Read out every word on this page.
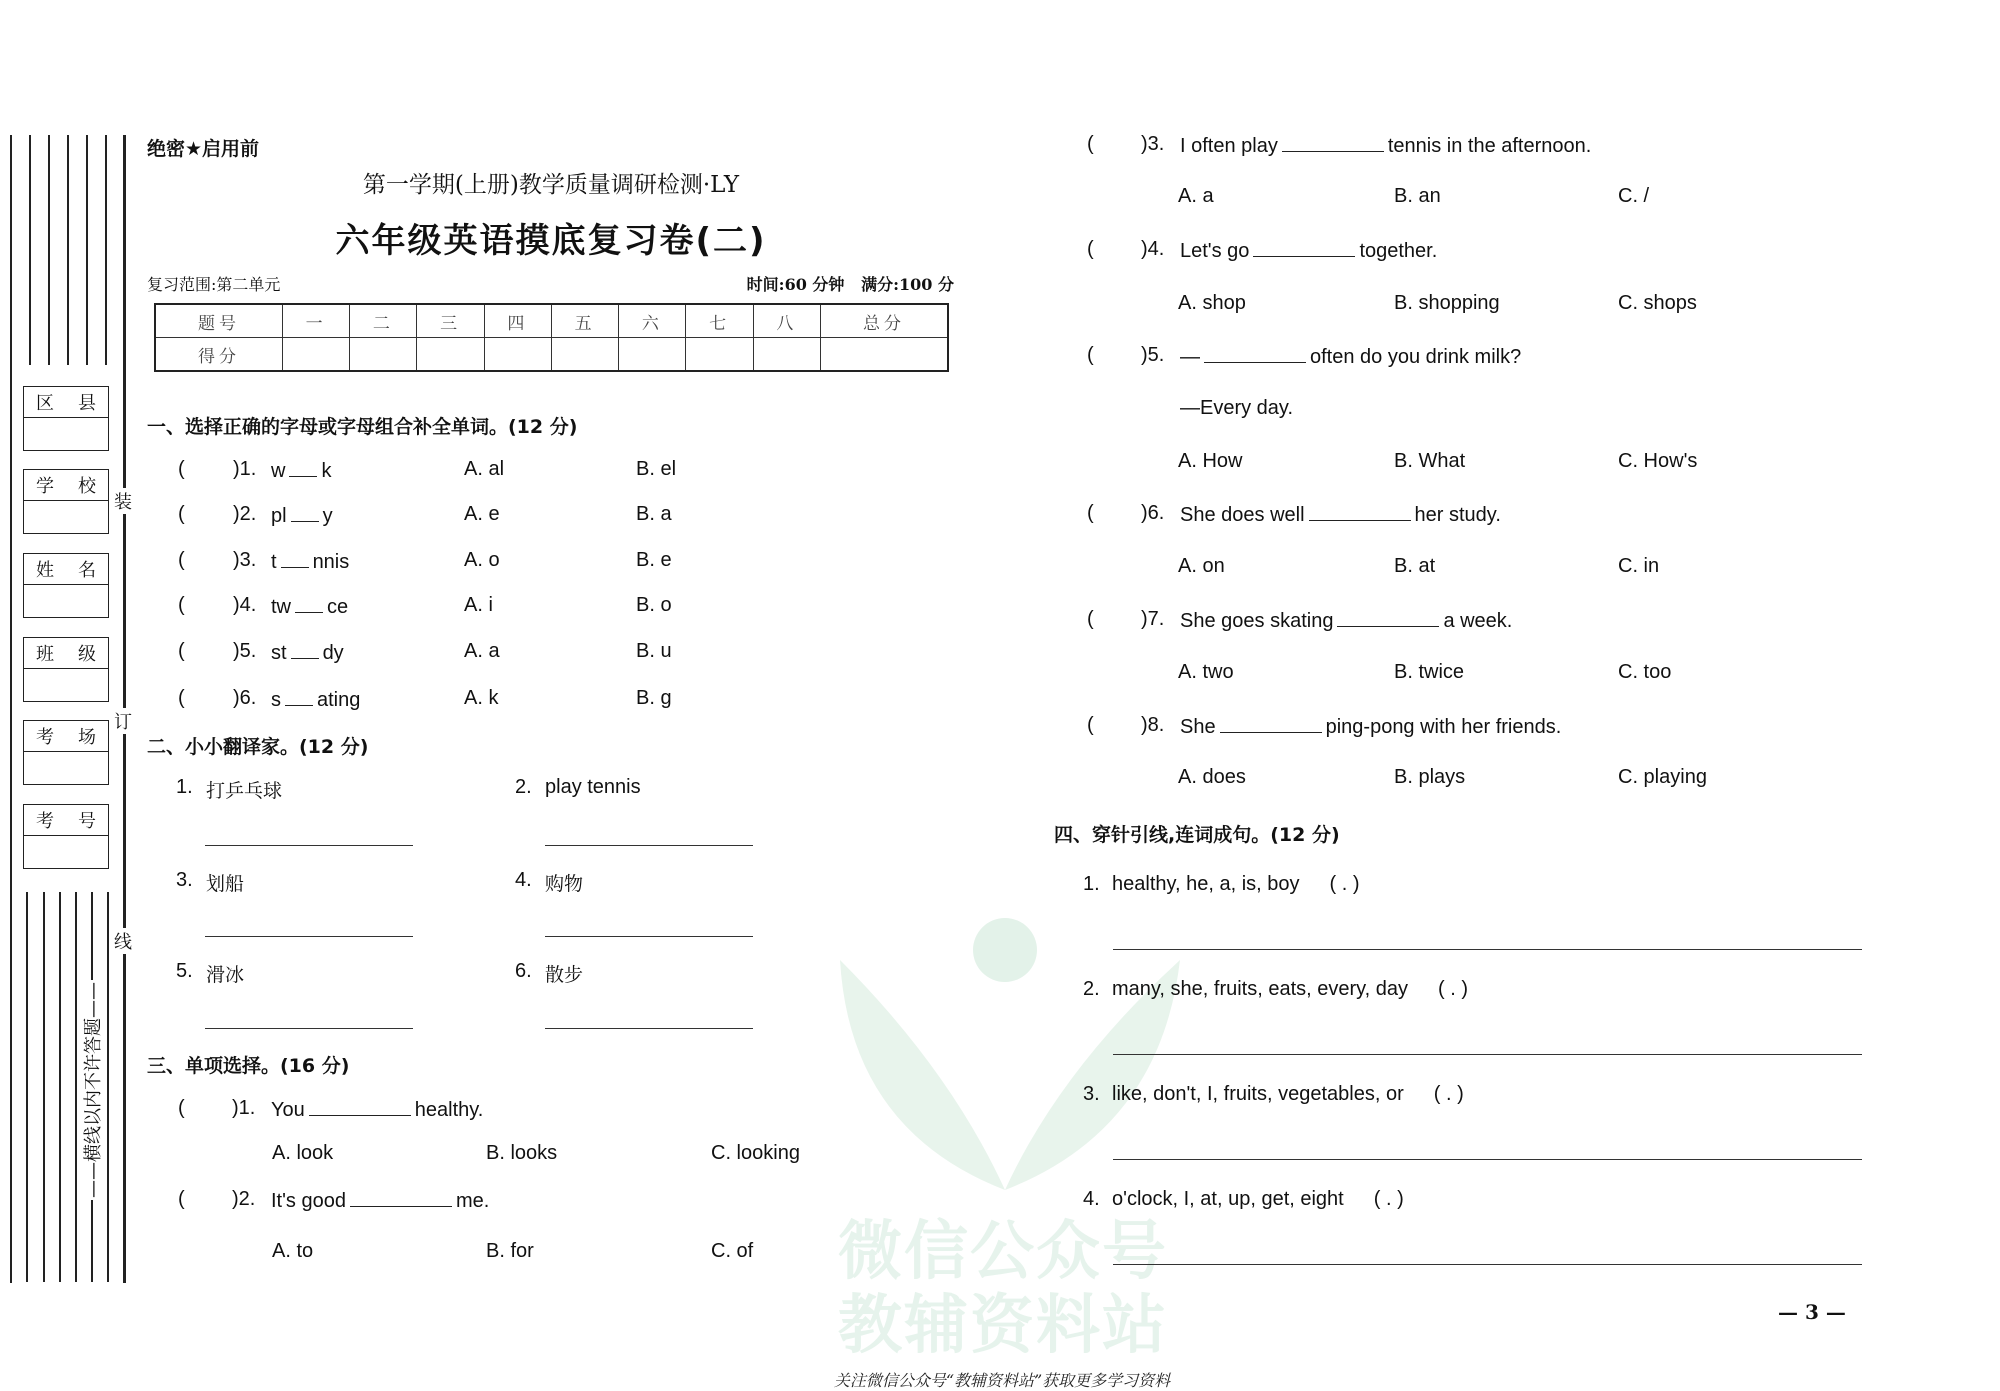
微信公众号
教辅资料站
——横线以内不许答题——
区 县
学 校
姓 名
班 级
考 场
考 号
装
订
线
绝密★启用前
第一学期(上册)教学质量调研检测·LY
六年级英语摸底复习卷(二)
复习范围:第二单元	时间:60 分钟   满分:100 分
题号	一	二	三	四	五	六	七	八	总分
得分									
一、选择正确的字母或字母组合补全单词。(12 分)
( )1. w k	A. al	B. el
( )2. pl y	A. e	B. a
( )3. t nnis	A. o	B. e
( )4. tw ce	A. i	B. o
( )5. st dy	A. a	B. u
( )6. s ating	A. k	B. g
二、小小翻译家。(12 分)
1. 打乒乓球	2. play tennis
3. 划船	4. 购物
5. 滑冰	6. 散步
三、单项选择。(16 分)
( )1. You	healthy.
A. look	B. looks	C. looking
( )2. It's good	me.
A. to	B. for	C. of
( )3. I often play	tennis in the afternoon.
A. a	B. an	C. /
( )4. Let's go	together.
A. shop	B. shopping	C. shops
( )5. —	often do you drink milk?
—Every day.
A. How	B. What	C. How's
( )6. She does well	her study.
A. on	B. at	C. in
( )7. She goes skating	a week.
A. two	B. twice	C. too
( )8. She	ping-pong with her friends.
A. does	B. plays	C. playing
四、穿针引线,连词成句。(12 分)
1. healthy, he, a, is, boy ( . )
2. many, she, fruits, eats, every, day ( . )
3. like, don't, I, fruits, vegetables, or ( . )
4. o'clock, I, at, up, get, eight ( . )
— 3 —
关注微信公众号“教辅资料站”获取更多学习资料
